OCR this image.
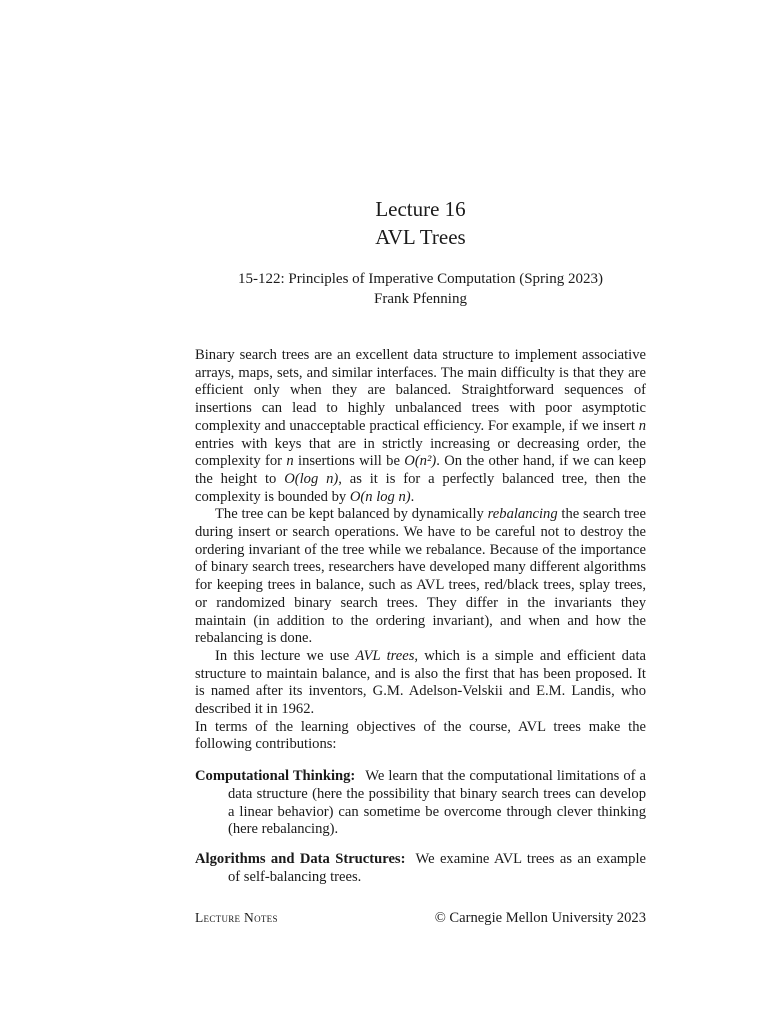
Lecture 16
AVL Trees
15-122: Principles of Imperative Computation (Spring 2023)
Frank Pfenning

Binary search trees are an excellent data structure to implement associative arrays, maps, sets, and similar interfaces. The main difficulty is that they are efficient only when they are balanced. Straightforward sequences of insertions can lead to highly unbalanced trees with poor asymptotic complexity and unacceptable practical efficiency. For example, if we insert n entries with keys that are in strictly increasing or decreasing order, the complexity for n insertions will be O(n²). On the other hand, if we can keep the height to O(log n), as it is for a perfectly balanced tree, then the complexity is bounded by O(n log n).

The tree can be kept balanced by dynamically rebalancing the search tree during insert or search operations. We have to be careful not to destroy the ordering invariant of the tree while we rebalance. Because of the importance of binary search trees, researchers have developed many different algorithms for keeping trees in balance, such as AVL trees, red/black trees, splay trees, or randomized binary search trees. They differ in the invariants they maintain (in addition to the ordering invariant), and when and how the rebalancing is done.

In this lecture we use AVL trees, which is a simple and efficient data structure to maintain balance, and is also the first that has been proposed. It is named after its inventors, G.M. Adelson-Velskii and E.M. Landis, who described it in 1962.

In terms of the learning objectives of the course, AVL trees make the following contributions:

Computational Thinking: We learn that the computational limitations of a data structure (here the possibility that binary search trees can develop a linear behavior) can sometime be overcome through clever thinking (here rebalancing).
Algorithms and Data Structures: We examine AVL trees as an example of self-balancing trees.
Lecture Notes	© Carnegie Mellon University 2023
